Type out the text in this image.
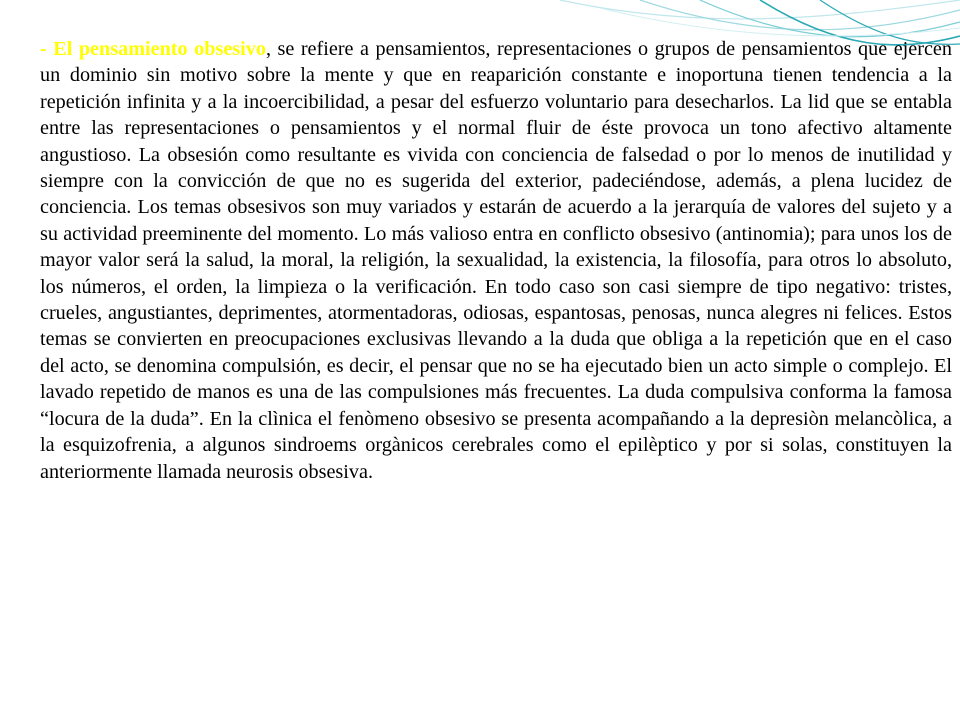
- El pensamiento obsesivo, se refiere a pensamientos, representaciones o grupos de pensamientos que ejercen un dominio sin motivo sobre la mente y que en reaparición constante e inoportuna tienen tendencia a la repetición infinita y a la incoercibilidad, a pesar del esfuerzo voluntario para desecharlos. La lid que se entabla entre las representaciones o pensamientos y el normal fluir de éste provoca un tono afectivo altamente angustioso. La obsesión como resultante es vivida con conciencia de falsedad o por lo menos de inutilidad y siempre con la convicción de que no es sugerida del exterior, padeciéndose, además, a plena lucidez de conciencia. Los temas obsesivos son muy variados y estarán de acuerdo a la jerarquía de valores del sujeto y a su actividad preeminente del momento. Lo más valioso entra en conflicto obsesivo (antinomia); para unos los de mayor valor será la salud, la moral, la religión, la sexualidad, la existencia, la filosofía, para otros lo absoluto, los números, el orden, la limpieza o la verificación. En todo caso son casi siempre de tipo negativo: tristes, crueles, angustiantes, deprimentes, atormentadoras, odiosas, espantosas, penosas, nunca alegres ni felices. Estos temas se convierten en preocupaciones exclusivas llevando a la duda que obliga a la repetición que en el caso del acto, se denomina compulsión, es decir, el pensar que no se ha ejecutado bien un acto simple o complejo. El lavado repetido de manos es una de las compulsiones más frecuentes. La duda compulsiva conforma la famosa “locura de la duda”. En la clìnica el fenòmeno obsesivo se presenta acompañando a la depresiòn melancòlica, a la esquizofrenia, a algunos sindroems orgànicos cerebrales como el epilèptico y por si solas, constituyen la anteriormente llamada neurosis obsesiva.
